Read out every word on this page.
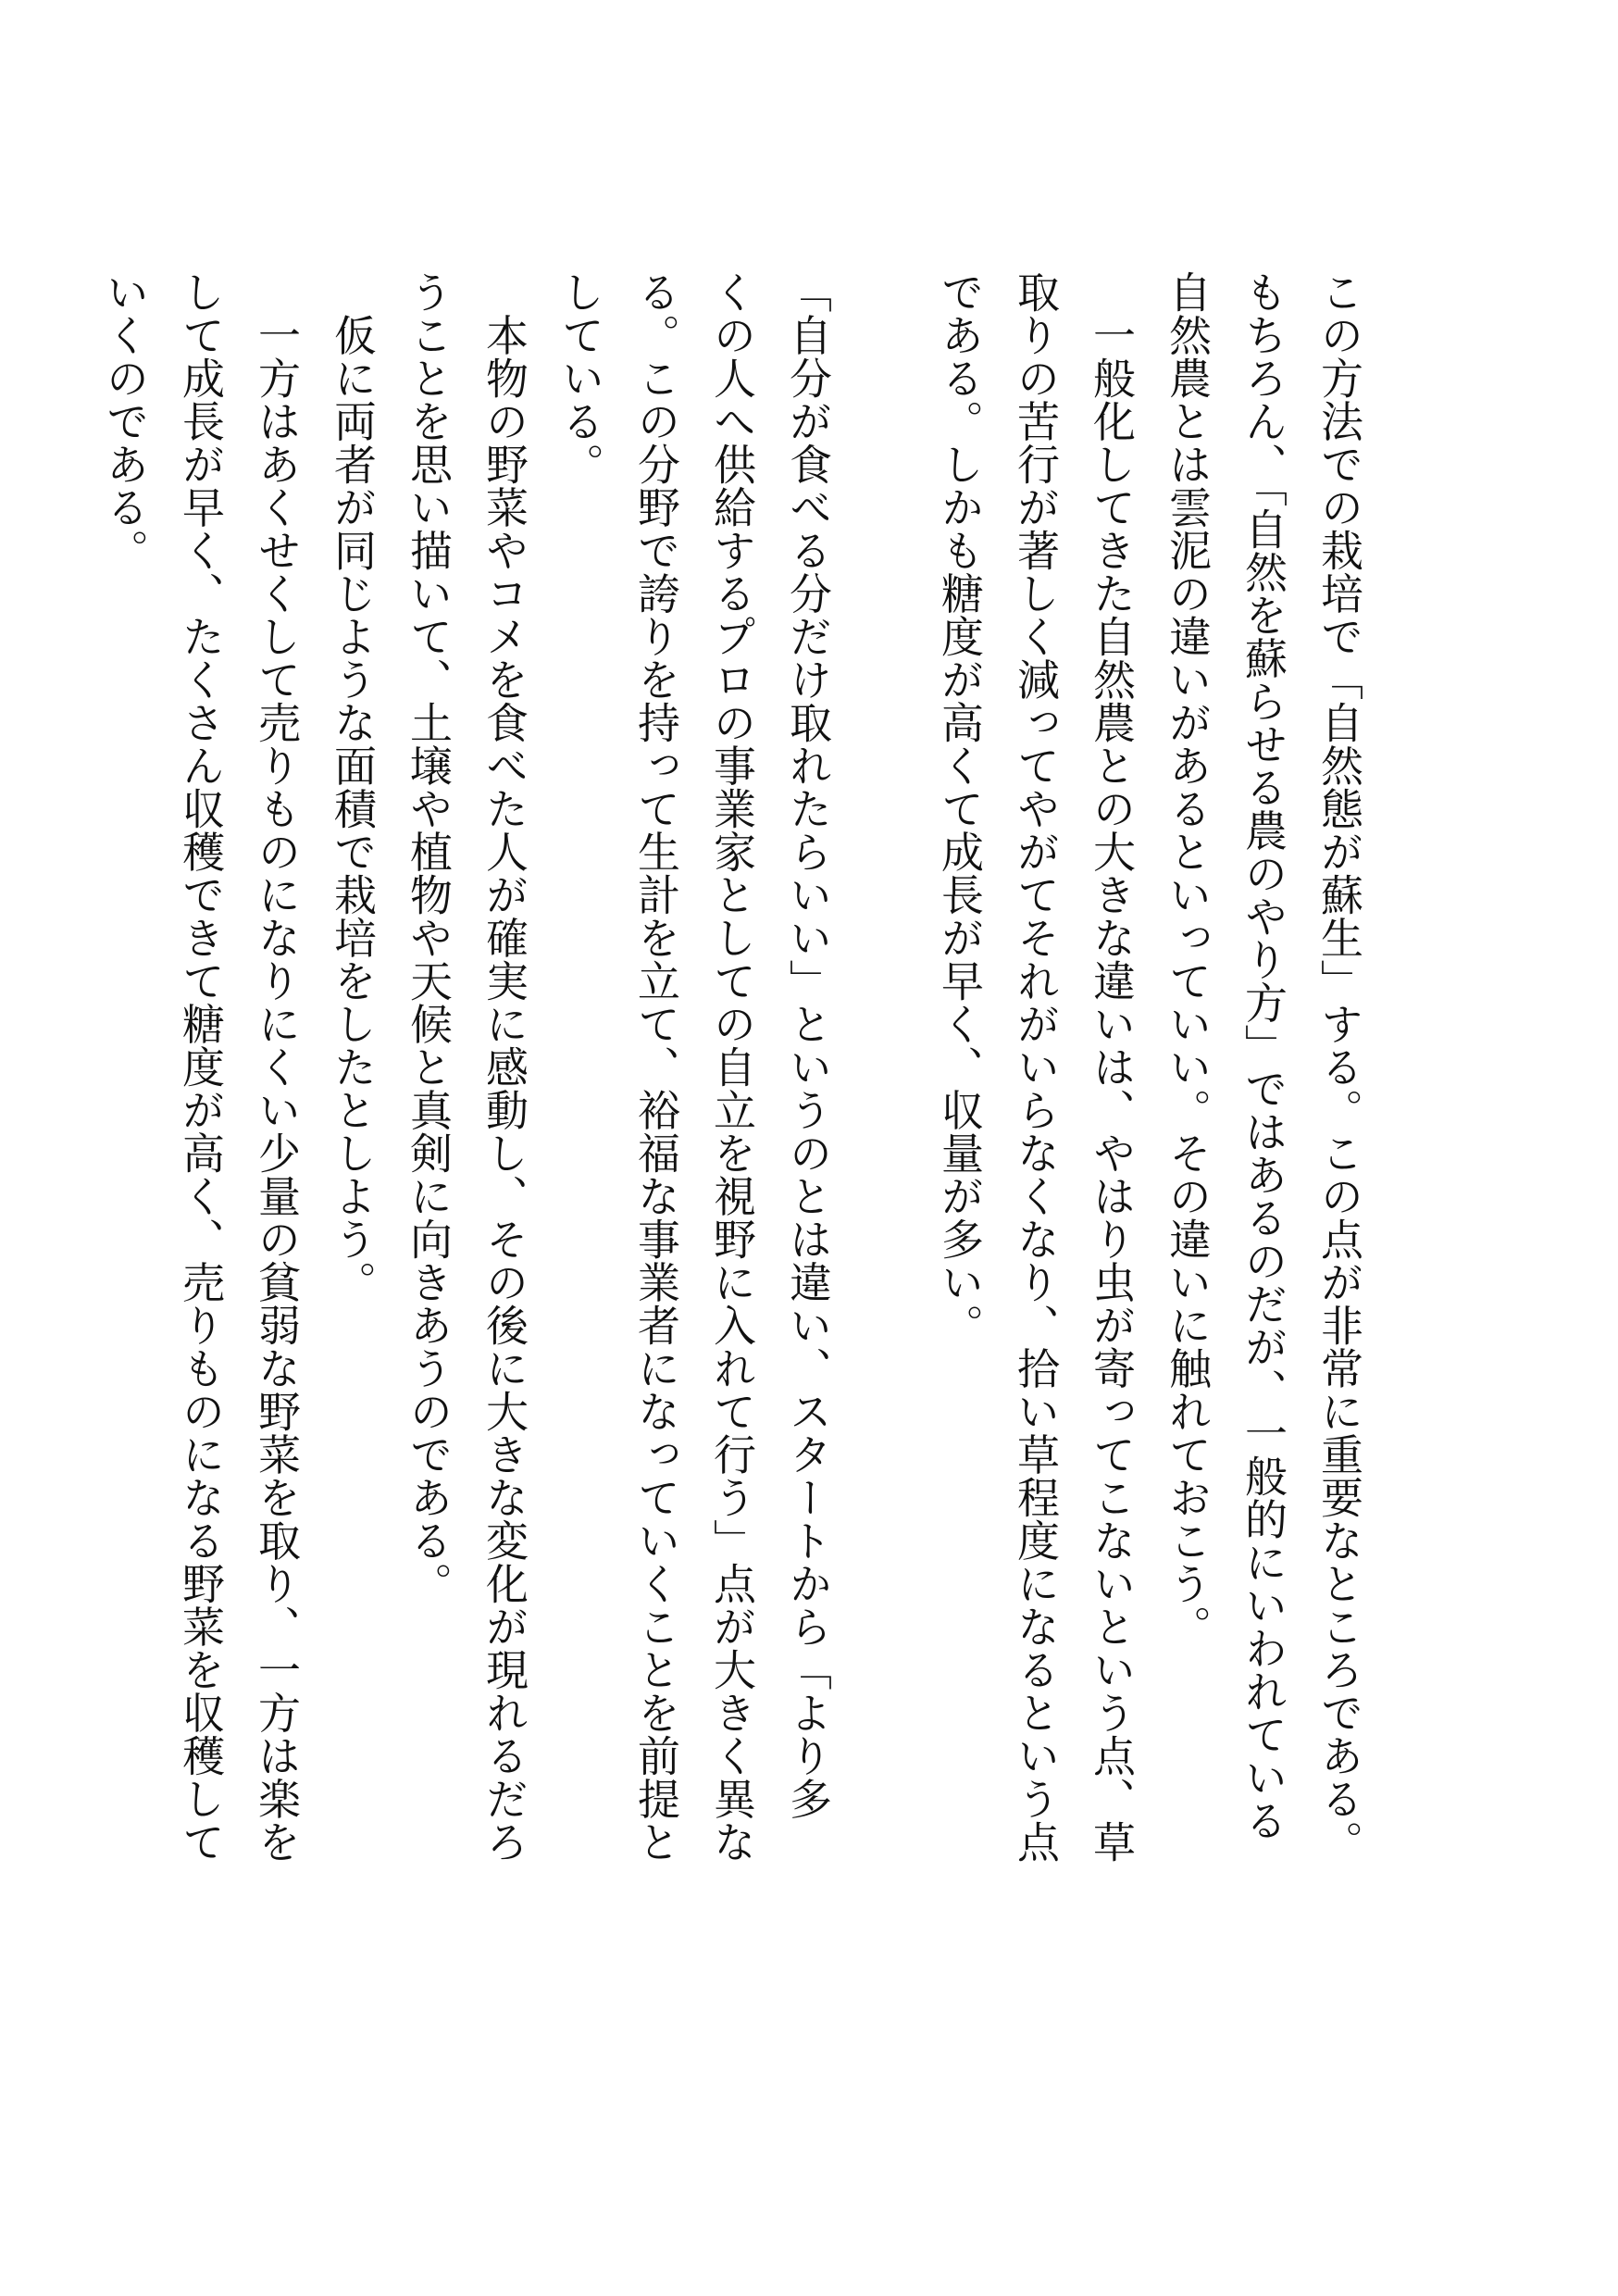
この方法での栽培で「自然態が蘇生」する。この点が非常に重要なところである。
もちろん、「自然を蘇らせる農のやり方」ではあるのだが、一般的にいわれている
自然農とは雲泥の違いがあるといっていい。その違いに触れておこう。
　一般化してきた自然農との大きな違いは、やはり虫が寄ってこないという点、草
取りの苦行が著しく減ってやがてそれがいらなくなり、拾い草程度になるという点
である。しかも糖度が高くて成長が早く、収量が多い。
「自分が食べる分だけ取れたらいい」というのとは違い、スタートから「より多
くの人へ供給するプロの事業家としての自立を視野に入れて行う」点が大きく異な
る。この分野で誇りを持って生計を立て、裕福な事業者になっていくことを前提と
している。
　本物の野菜やコメを食べた人が確実に感動し、その後に大きな変化が現れるだろ
うことを思い描いて、土壌や植物や天候と真剣に向きあうのである。
　仮に両者が同じような面積で栽培をしたとしよう。
　一方はあくせくして売りものになりにくい少量の貧弱な野菜を取り、一方は楽を
して成長が早く、たくさん収穫できて糖度が高く、売りものになる野菜を収穫して
いくのである。
